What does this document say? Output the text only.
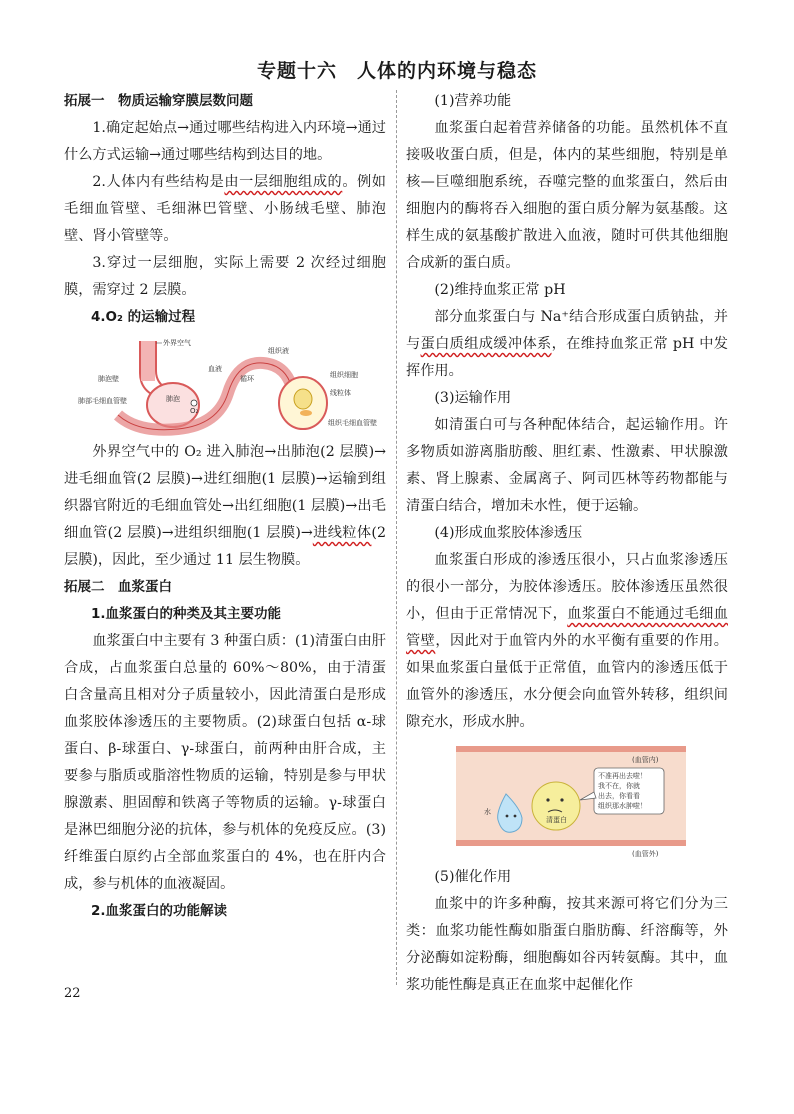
专题十六　人体的内环境与稳态

拓展一　物质运输穿膜层数问题

1.确定起始点→通过哪些结构进入内环境→通过什么方式运输→通过哪些结构到达目的地。

2.人体内有些结构是由一层细胞组成的。例如毛细血管壁、毛细淋巴管壁、小肠绒毛壁、肺泡壁、肾小管壁等。

3.穿过一层细胞，实际上需要 2 次经过细胞膜，需穿过 2 层膜。

4.O₂ 的运输过程

外界空气
肺泡壁
肺部毛细血管壁	肺泡
O₂
血液
循环
组织液
组织细胞
线粒体
组织毛细血管壁

外界空气中的 O₂ 进入肺泡→出肺泡(2 层膜)→进毛细血管(2 层膜)→进红细胞(1 层膜)→运输到组织器官附近的毛细血管处→出红细胞(1 层膜)→出毛细血管(2 层膜)→进组织细胞(1 层膜)→进线粒体(2 层膜)，因此，至少通过 11 层生物膜。

拓展二　血浆蛋白

1.血浆蛋白的种类及其主要功能

血浆蛋白中主要有 3 种蛋白质：(1)清蛋白由肝合成，占血浆蛋白总量的 60%～80%，由于清蛋白含量高且相对分子质量较小，因此清蛋白是形成血浆胶体渗透压的主要物质。(2)球蛋白包括 α-球蛋白、β-球蛋白、γ-球蛋白，前两种由肝合成，主要参与脂质或脂溶性物质的运输，特别是参与甲状腺激素、胆固醇和铁离子等物质的运输。γ-球蛋白是淋巴细胞分泌的抗体，参与机体的免疫反应。(3)纤维蛋白原约占全部血浆蛋白的 4%，也在肝内合成，参与机体的血液凝固。

2.血浆蛋白的功能解读

(1)营养功能

血浆蛋白起着营养储备的功能。虽然机体不直接吸收蛋白质，但是，体内的某些细胞，特别是单核—巨噬细胞系统，吞噬完整的血浆蛋白，然后由细胞内的酶将吞入细胞的蛋白质分解为氨基酸。这样生成的氨基酸扩散进入血液，随时可供其他细胞合成新的蛋白质。

(2)维持血浆正常 pH

部分血浆蛋白与 Na⁺结合形成蛋白质钠盐，并与蛋白质组成缓冲体系，在维持血浆正常 pH 中发挥作用。

(3)运输作用

如清蛋白可与各种配体结合，起运输作用。许多物质如游离脂肪酸、胆红素、性激素、甲状腺激素、肾上腺素、金属离子、阿司匹林等药物都能与清蛋白结合，增加未水性，便于运输。

(4)形成血浆胶体渗透压

血浆蛋白形成的渗透压很小，只占血浆渗透压的很小一部分，为胶体渗透压。胶体渗透压虽然很小，但由于正常情况下，血浆蛋白不能通过毛细血管壁，因此对于血管内外的水平衡有重要的作用。如果血浆蛋白量低于正常值，血管内的渗透压低于血管外的渗透压，水分便会向血管外转移，组织间隙充水，形成水肿。

(血管内)
(血管外)
水
清蛋白
不准再出去啦！
我不在，你就
出去，你看看
组织那水肿啦！

(5)催化作用

血浆中的许多种酶，按其来源可将它们分为三类：血浆功能性酶如脂蛋白脂肪酶、纤溶酶等，外分泌酶如淀粉酶，细胞酶如谷丙转氨酶。其中，血浆功能性酶是真正在血浆中起催化作

22
